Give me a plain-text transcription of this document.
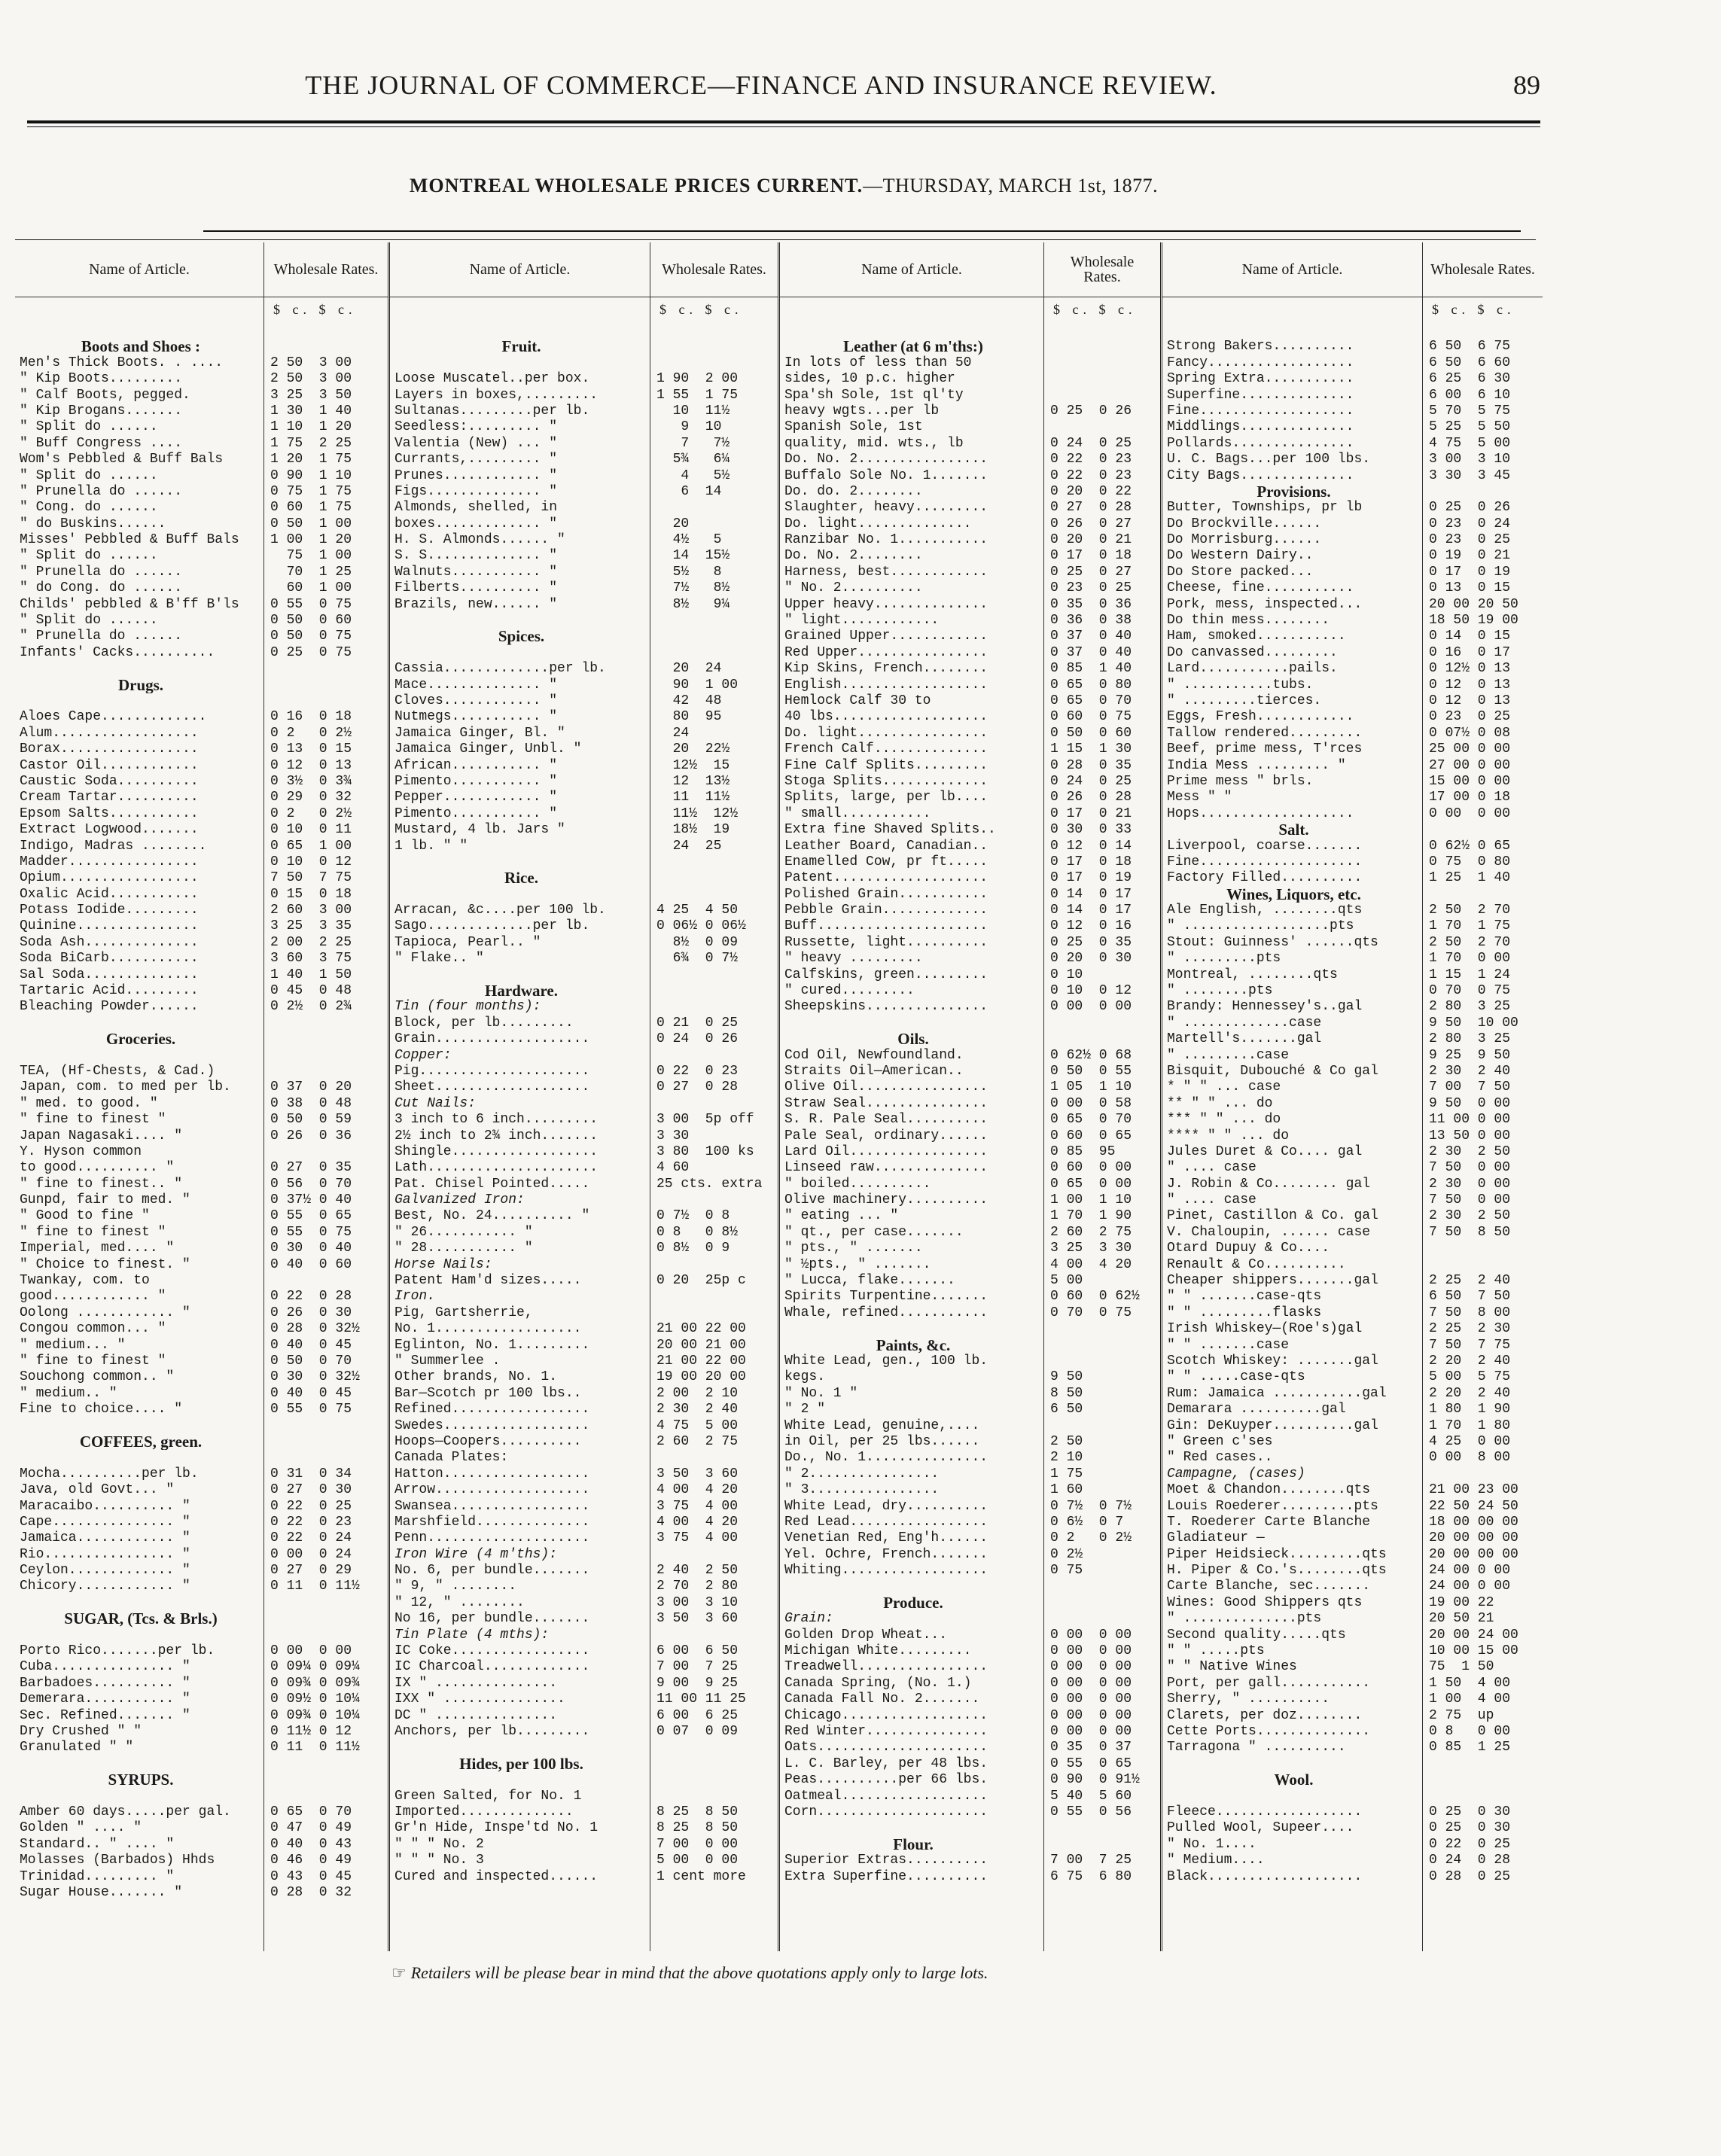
THE JOURNAL OF COMMERCE—FINANCE AND INSURANCE REVIEW.	89
MONTREAL WHOLESALE PRICES CURRENT.—THURSDAY, MARCH 1st, 1877.
Name of Article.
Boots and Shoes :
Men's Thick Boots. . ....
" Kip Boots.........
" Calf Boots, pegged.
" Kip Brogans.......
" Split do ......
" Buff Congress ....
Wom's Pebbled & Buff Bals
" Split do ......
" Prunella do ......
" Cong. do ......
" do Buskins......
Misses' Pebbled & Buff Bals
" Split do ......
" Prunella do ......
" do Cong. do ......
Childs' pebbled & B'ff B'ls
" Split do ......
" Prunella do ......
Infants' Cacks..........
Drugs.
Aloes Cape.............
Alum..................
Borax.................
Castor Oil............
Caustic Soda..........
Cream Tartar..........
Epsom Salts...........
Extract Logwood.......
Indigo, Madras ........
Madder................
Opium.................
Oxalic Acid...........
Potass Iodide.........
Quinine...............
Soda Ash..............
Soda BiCarb...........
Sal Soda..............
Tartaric Acid.........
Bleaching Powder......
Groceries.
TEA, (Hf-Chests, & Cad.)
Japan, com. to med per lb.
" med. to good. "
" fine to finest "
Japan Nagasaki.... "
Y. Hyson common
to good.......... "
" fine to finest.. "
Gunpd, fair to med. "
" Good to fine "
" fine to finest "
Imperial, med.... "
" Choice to finest. "
Twankay, com. to
good............ "
Oolong ............ "
Congou common... "
" medium... "
" fine to finest "
Souchong common.. "
" medium.. "
Fine to choice.... "
COFFEES, green.
Mocha..........per lb.
Java, old Govt... "
Maracaibo.......... "
Cape............... "
Jamaica............ "
Rio................ "
Ceylon............. "
Chicory............ "
SUGAR, (Tcs. & Brls.)
Porto Rico.......per lb.
Cuba............... "
Barbadoes.......... "
Demerara........... "
Sec. Refined....... "
Dry Crushed " "
Granulated " "
SYRUPS.
Amber 60 days.....per gal.
Golden " .... "
Standard.. " .... "
Molasses (Barbados) Hhds
Trinidad......... "
Sugar House....... "
Wholesale Rates.
$ c. $ c.
2 50  3 00
2 50  3 00
3 25  3 50
1 30  1 40
1 10  1 20
1 75  2 25
1 20  1 75
0 90  1 10
0 75  1 75
0 60  1 75
0 50  1 00
1 00  1 20
75  1 00
70  1 25
60  1 00
0 55  0 75
0 50  0 60
0 50  0 75
0 25  0 75
0 16  0 18
0 2   0 2½
0 13  0 15
0 12  0 13
0 3½  0 3¾
0 29  0 32
0 2   0 2½
0 10  0 11
0 65  1 00
0 10  0 12
7 50  7 75
0 15  0 18
2 60  3 00
3 25  3 35
2 00  2 25
3 60  3 75
1 40  1 50
0 45  0 48
0 2½  0 2¾
0 37  0 20
0 38  0 48
0 50  0 59
0 26  0 36
0 27  0 35
0 56  0 70
0 37½ 0 40
0 55  0 65
0 55  0 75
0 30  0 40
0 40  0 60
0 22  0 28
0 26  0 30
0 28  0 32½
0 40  0 45
0 50  0 70
0 30  0 32½
0 40  0 45
0 55  0 75
0 31  0 34
0 27  0 30
0 22  0 25
0 22  0 23
0 22  0 24
0 00  0 24
0 27  0 29
0 11  0 11½
0 00  0 00
0 09¼ 0 09¼
0 09¾ 0 09¾
0 09½ 0 10¼
0 09¾ 0 10¼
0 11½ 0 12
0 11  0 11½
0 65  0 70
0 47  0 49
0 40  0 43
0 46  0 49
0 43  0 45
0 28  0 32
Name of Article.
Fruit.
Loose Muscatel..per box.
Layers in boxes,.........
Sultanas.........per lb.
Seedless:......... "
Valentia (New) ... "
Currants,......... "
Prunes............ "
Figs.............. "
Almonds, shelled, in
boxes............. "
H. S. Almonds...... "
S. S.............. "
Walnuts........... "
Filberts.......... "
Brazils, new...... "
Spices.
Cassia.............per lb.
Mace.............. "
Cloves............ "
Nutmegs........... "
Jamaica Ginger, Bl. "
Jamaica Ginger, Unbl. "
African........... "
Pimento........... "
Pepper............ "
Pimento........... "
Mustard, 4 lb. Jars "
1 lb. " "
Rice.
Arracan, &c....per 100 lb.
Sago.............per lb.
Tapioca, Pearl.. "
" Flake.. "
Hardware.
Tin (four months):
Block, per lb.........
Grain...................
Copper:
Pig.....................
Sheet...................
Cut Nails:
3 inch to 6 inch.........
2½ inch to 2¾ inch.......
Shingle..................
Lath.....................
Pat. Chisel Pointed.....
Galvanized Iron:
Best, No. 24.......... "
" 26........... "
" 28........... "
Horse Nails:
Patent Ham'd sizes.....
Iron.
Pig, Gartsherrie,
No. 1..................
Eglinton, No. 1.........
" Summerlee .
Other brands, No. 1.
Bar—Scotch pr 100 lbs..
Refined.................
Swedes..................
Hoops—Coopers..........
Canada Plates:
Hatton..................
Arrow...................
Swansea.................
Marshfield..............
Penn....................
Iron Wire (4 m'ths):
No. 6, per bundle.......
" 9, " ........
" 12, " ........
No 16, per bundle.......
Tin Plate (4 mths):
IC Coke.................
IC Charcoal.............
IX " ...............
IXX " ...............
DC " ...............
Anchors, per lb.........
Hides, per 100 lbs.
Green Salted, for No. 1
Imported..............
Gr'n Hide, Inspe'td No. 1
" " " No. 2
" " " No. 3
Cured and inspected......
Wholesale Rates.
$ c. $ c.
1 90  2 00
1 55  1 75
10  11½
9  10
7   7½
5¾   6¼
4   5½
6  14
20
4½   5
14  15½
5½   8
7½   8½
8½   9¼
20  24
90  1 00
42  48
80  95
24
20  22½
12½  15
12  13½
11  11½
11½  12½
18½  19
24  25
4 25  4 50
0 06½ 0 06½
8½  0 09
6¾  0 7½
0 21  0 25
0 24  0 26
0 22  0 23
0 27  0 28
3 00  5p off
3 30
3 80  100 ks
4 60
25 cts. extra
0 7½  0 8
0 8   0 8½
0 8½  0 9
0 20  25p c
21 00 22 00
20 00 21 00
21 00 22 00
19 00 20 00
2 00  2 10
2 30  2 40
4 75  5 00
2 60  2 75
3 50  3 60
4 00  4 20
3 75  4 00
4 00  4 20
3 75  4 00
2 40  2 50
2 70  2 80
3 00  3 10
3 50  3 60
6 00  6 50
7 00  7 25
9 00  9 25
11 00 11 25
6 00  6 25
0 07  0 09
8 25  8 50
8 25  8 50
7 00  0 00
5 00  0 00
1 cent more
Name of Article.
Leather (at 6 m'ths:)
In lots of less than 50
sides, 10 p.c. higher
Spa'sh Sole, 1st ql'ty
heavy wgts...per lb
Spanish Sole, 1st
quality, mid. wts., lb
Do. No. 2................
Buffalo Sole No. 1.......
Do. do. 2........
Slaughter, heavy.........
Do. light..............
Ranzibar No. 1...........
Do. No. 2........
Harness, best............
" No. 2..........
Upper heavy..............
" light............
Grained Upper............
Red Upper................
Kip Skins, French........
English..................
Hemlock Calf 30 to
40 lbs...................
Do. light................
French Calf..............
Fine Calf Splits.........
Stoga Splits.............
Splits, large, per lb....
" small...........
Extra fine Shaved Splits..
Leather Board, Canadian..
Enamelled Cow, pr ft.....
Patent...................
Polished Grain...........
Pebble Grain.............
Buff.....................
Russette, light..........
" heavy .........
Calfskins, green.........
" cured.........
Sheepskins...............
Oils.
Cod Oil, Newfoundland.
Straits Oil—American..
Olive Oil................
Straw Seal...............
S. R. Pale Seal..........
Pale Seal, ordinary......
Lard Oil.................
Linseed raw..............
" boiled..........
Olive machinery..........
" eating ... "
" qt., per case.......
" pts., " .......
" ½pts., " .......
" Lucca, flake.......
Spirits Turpentine.......
Whale, refined...........
Paints, &c.
White Lead, gen., 100 lb.
kegs.
" No. 1 "
" 2 "
White Lead, genuine,....
in Oil, per 25 lbs......
Do., No. 1...............
" 2................
" 3................
White Lead, dry..........
Red Lead.................
Venetian Red, Eng'h......
Yel. Ochre, French.......
Whiting..................
Produce.
Grain:
Golden Drop Wheat...
Michigan White.........
Treadwell................
Canada Spring, (No. 1.)
Canada Fall No. 2.......
Chicago..................
Red Winter...............
Oats.....................
L. C. Barley, per 48 lbs.
Peas..........per 66 lbs.
Oatmeal..................
Corn.....................
Flour.
Superior Extras..........
Extra Superfine..........
Wholesale Rates.
$ c. $ c.
0 25  0 26
0 24  0 25
0 22  0 23
0 22  0 23
0 20  0 22
0 27  0 28
0 26  0 27
0 20  0 21
0 17  0 18
0 25  0 27
0 23  0 25
0 35  0 36
0 36  0 38
0 37  0 40
0 37  0 40
0 85  1 40
0 65  0 80
0 65  0 70
0 60  0 75
0 50  0 60
1 15  1 30
0 28  0 35
0 24  0 25
0 26  0 28
0 17  0 21
0 30  0 33
0 12  0 14
0 17  0 18
0 17  0 19
0 14  0 17
0 14  0 17
0 12  0 16
0 25  0 35
0 20  0 30
0 10
0 10  0 12
0 00  0 00
0 62½ 0 68
0 50  0 55
1 05  1 10
0 00  0 58
0 65  0 70
0 60  0 65
0 85  95
0 60  0 00
0 65  0 00
1 00  1 10
1 70  1 90
2 60  2 75
3 25  3 30
4 00  4 20
5 00
0 60  0 62½
0 70  0 75
9 50
8 50
6 50
2 50
2 10
1 75
1 60
0 7½  0 7½
0 6½  0 7
0 2   0 2½
0 2½
0 75
0 00  0 00
0 00  0 00
0 00  0 00
0 00  0 00
0 00  0 00
0 00  0 00
0 00  0 00
0 35  0 37
0 55  0 65
0 90  0 91½
5 40  5 60
0 55  0 56
7 00  7 25
6 75  6 80
Name of Article.
Strong Bakers..........
Fancy..................
Spring Extra...........
Superfine..............
Fine...................
Middlings..............
Pollards...............
U. C. Bags...per 100 lbs.
City Bags..............
Provisions.
Butter, Townships, pr lb
Do Brockville......
Do Morrisburg......
Do Western Dairy..
Do Store packed...
Cheese, fine...........
Pork, mess, inspected...
Do thin mess........
Ham, smoked...........
Do canvassed.........
Lard...........pails.
" ...........tubs.
" .........tierces.
Eggs, Fresh............
Tallow rendered.........
Beef, prime mess, T'rces
India Mess ......... "
Prime mess " brls.
Mess " "
Hops...................
Salt.
Liverpool, coarse.......
Fine....................
Factory Filled..........
Wines, Liquors, etc.
Ale English, ........qts
" ..................pts
Stout: Guinness' ......qts
" .........pts
Montreal, ........qts
" ........pts
Brandy: Hennessey's..gal
" .............case
Martell's.......gal
" .........case
Bisquit, Dubouché & Co gal
* " " ... case
** " " ... do
*** " " ... do
**** " " ... do
Jules Duret & Co.... gal
" .... case
J. Robin & Co........ gal
" .... case
Pinet, Castillon & Co. gal
V. Chaloupin, ...... case
Otard Dupuy & Co....
Renault & Co..........
Cheaper shippers.......gal
" " .......case-qts
" " .........flasks
Irish Whiskey—(Roe's)gal
" " .......case
Scotch Whiskey: .......gal
" " .....case-qts
Rum: Jamaica ...........gal
Demarara ..........gal
Gin: DeKuyper..........gal
" Green c'ses
" Red cases..
Campagne, (cases)
Moet & Chandon........qts
Louis Roederer.........pts
T. Roederer Carte Blanche
Gladiateur —
Piper Heidsieck.........qts
H. Piper & Co.'s........qts
Carte Blanche, sec.......
Wines: Good Shippers qts
" ..............pts
Second quality.....qts
" " .....pts
" " Native Wines
Port, per gall...........
Sherry, " ..........
Clarets, per doz........
Cette Ports..............
Tarragona " ..........
Wool.
Fleece..................
Pulled Wool, Supeer....
" No. 1....
" Medium....
Black...................
Wholesale Rates.
$ c. $ c.
6 50  6 75
6 50  6 60
6 25  6 30
6 00  6 10
5 70  5 75
5 25  5 50
4 75  5 00
3 00  3 10
3 30  3 45
0 25  0 26
0 23  0 24
0 23  0 25
0 19  0 21
0 17  0 19
0 13  0 15
20 00 20 50
18 50 19 00
0 14  0 15
0 16  0 17
0 12½ 0 13
0 12  0 13
0 12  0 13
0 23  0 25
0 07½ 0 08
25 00 0 00
27 00 0 00
15 00 0 00
17 00 0 18
0 00  0 00
0 62½ 0 65
0 75  0 80
1 25  1 40
2 50  2 70
1 70  1 75
2 50  2 70
1 70  0 00
1 15  1 24
0 70  0 75
2 80  3 25
9 50  10 00
2 80  3 25
9 25  9 50
2 30  2 40
7 00  7 50
9 50  0 00
11 00 0 00
13 50 0 00
2 30  2 50
7 50  0 00
2 30  0 00
7 50  0 00
2 30  2 50
7 50  8 50
2 25  2 40
6 50  7 50
7 50  8 00
2 25  2 30
7 50  7 75
2 20  2 40
5 00  5 75
2 20  2 40
1 80  1 90
1 70  1 80
4 25  0 00
0 00  8 00
21 00 23 00
22 50 24 50
18 00 00 00
20 00 00 00
20 00 00 00
24 00 0 00
24 00 0 00
19 00 22
20 50 21
20 00 24 00
10 00 15 00
75  1 50
1 50  4 00
1 00  4 00
2 75  up
0 8   0 00
0 85  1 25
0 25  0 30
0 25  0 30
0 22  0 25
0 24  0 28
0 28  0 25
☞ Retailers will be please bear in mind that the above quotations apply only to large lots.
